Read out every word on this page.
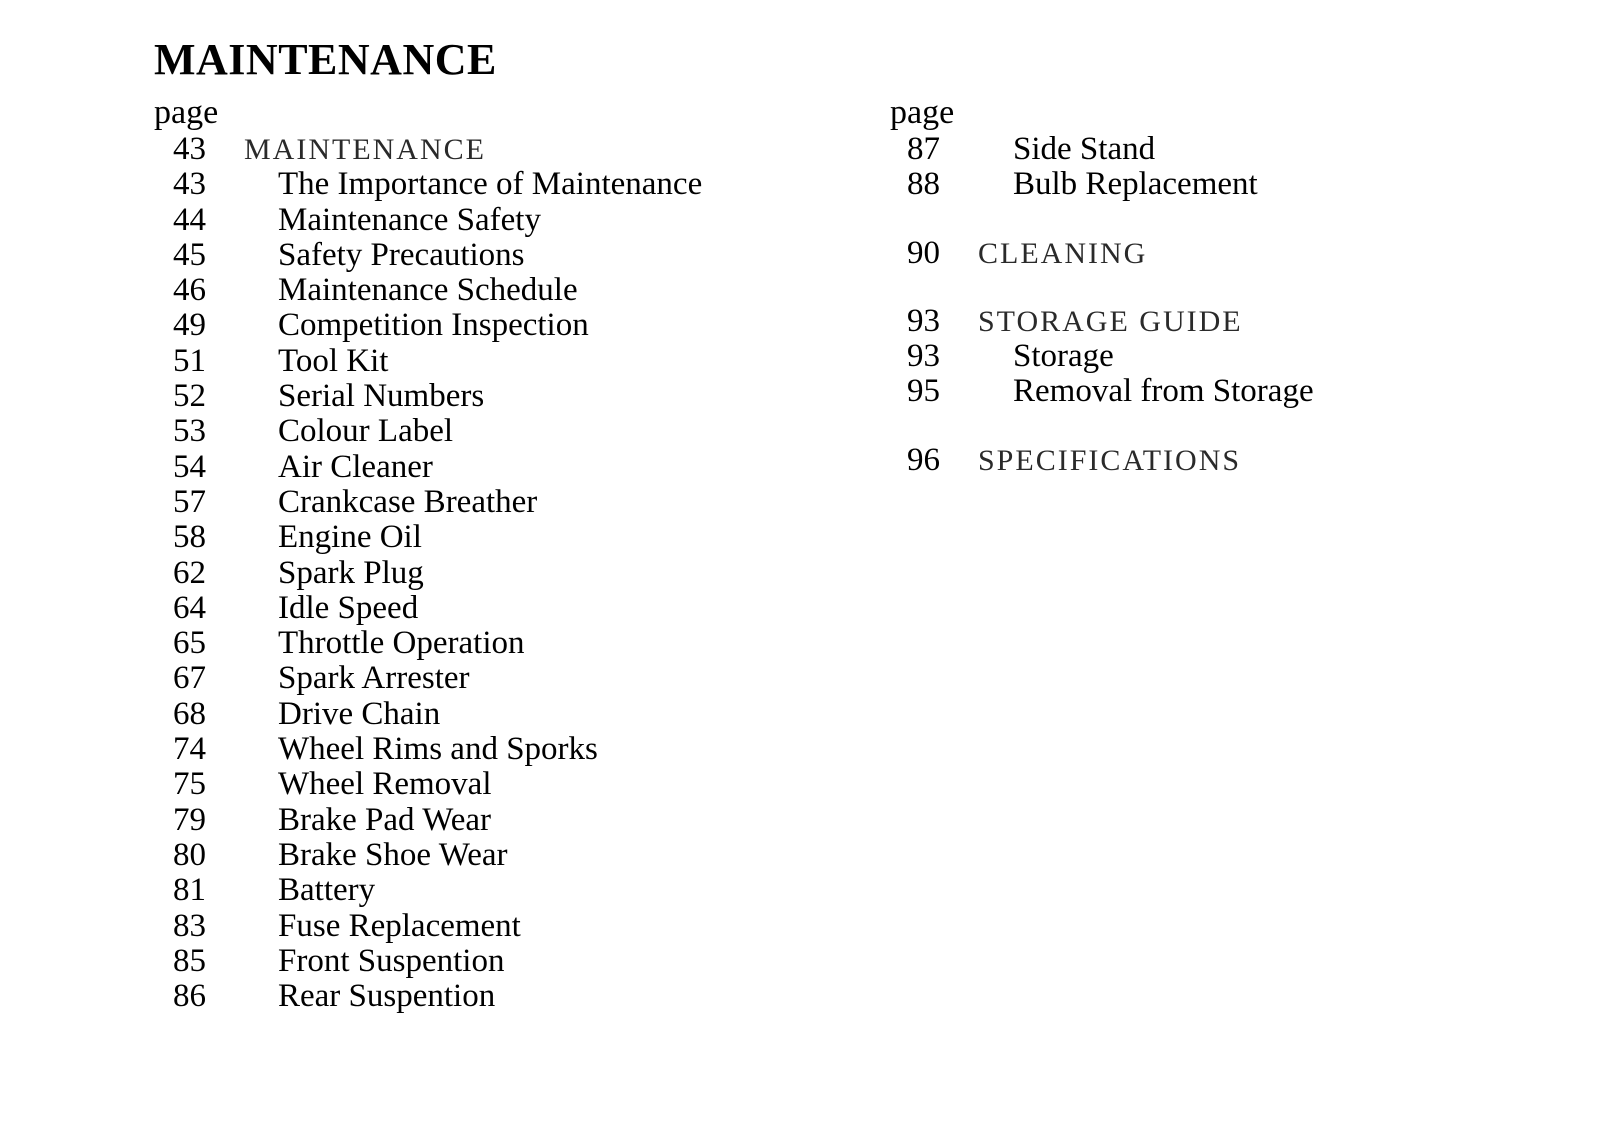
MAINTENANCE
page
43 MAINTENANCE
43 The Importance of Maintenance
44 Maintenance Safety
45 Safety Precautions
46 Maintenance Schedule
49 Competition Inspection
51 Tool Kit
52 Serial Numbers
53 Colour Label
54 Air Cleaner
57 Crankcase Breather
58 Engine Oil
62 Spark Plug
64 Idle Speed
65 Throttle Operation
67 Spark Arrester
68 Drive Chain
74 Wheel Rims and Sporks
75 Wheel Removal
79 Brake Pad Wear
80 Brake Shoe Wear
81 Battery
83 Fuse Replacement
85 Front Suspention
86 Rear Suspention
page
87 Side Stand
88 Bulb Replacement
90 CLEANING
93 STORAGE GUIDE
93 Storage
95 Removal from Storage
96 SPECIFICATIONS
